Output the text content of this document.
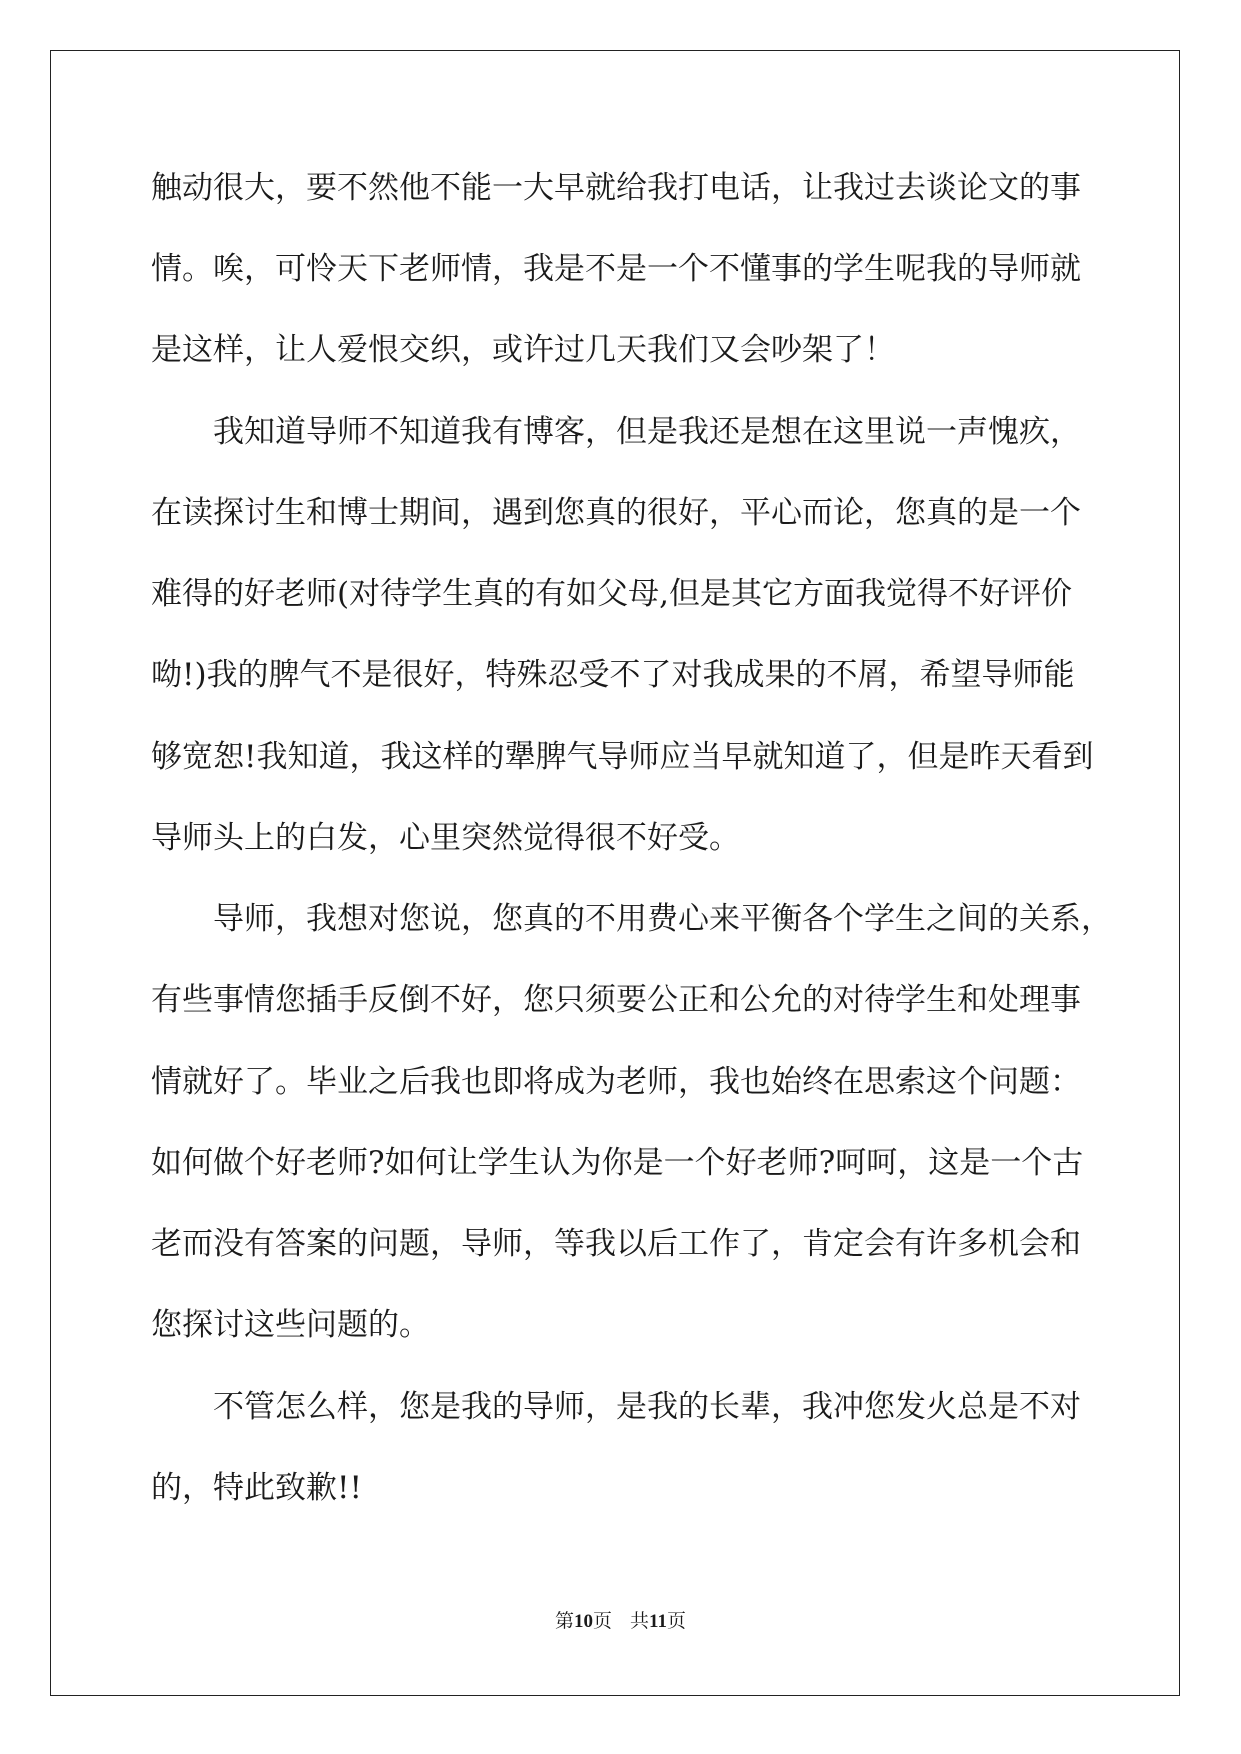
触动很大，要不然他不能一大早就给我打电话，让我过去谈论文的事
情。唉，可怜天下老师情，我是不是一个不懂事的学生呢我的导师就
是这样，让人爱恨交织，或许过几天我们又会吵架了！
　　我知道导师不知道我有博客，但是我还是想在这里说一声愧疚，
在读探讨生和博士期间，遇到您真的很好，平心而论，您真的是一个
难得的好老师(对待学生真的有如父母,但是其它方面我觉得不好评价
呦!)我的脾气不是很好，特殊忍受不了对我成果的不屑，希望导师能
够宽恕!我知道，我这样的犟脾气导师应当早就知道了，但是昨天看到
导师头上的白发，心里突然觉得很不好受。
　　导师，我想对您说，您真的不用费心来平衡各个学生之间的关系，
有些事情您插手反倒不好，您只须要公正和公允的对待学生和处理事
情就好了。毕业之后我也即将成为老师，我也始终在思索这个问题：
如何做个好老师?如何让学生认为你是一个好老师?呵呵，这是一个古
老而没有答案的问题，导师，等我以后工作了，肯定会有许多机会和
您探讨这些问题的。
　　不管怎么样，您是我的导师，是我的长辈，我冲您发火总是不对
的，特此致歉!!
第10页 共11页
